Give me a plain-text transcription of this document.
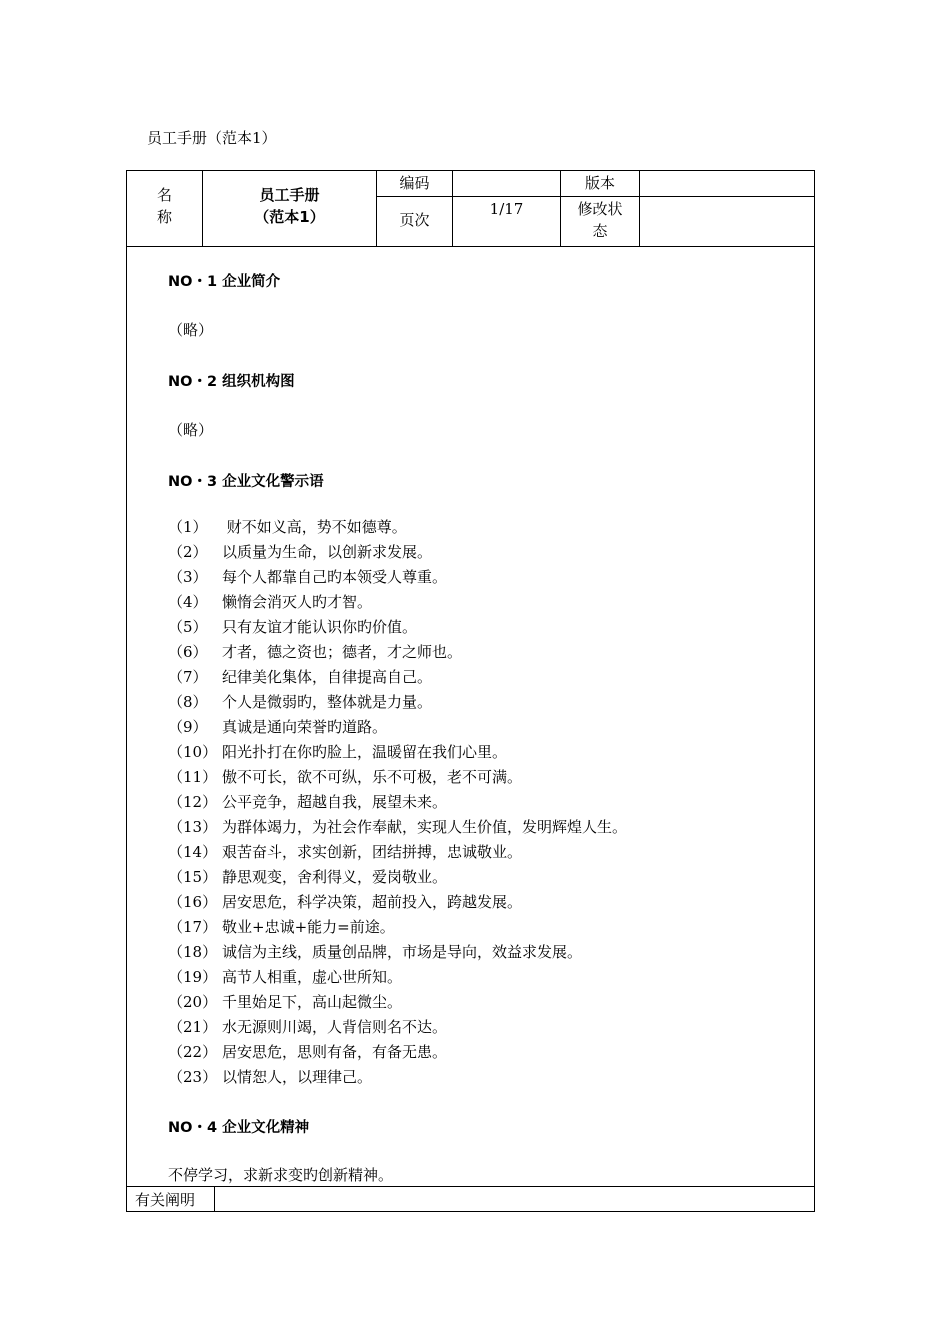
员工手册（范本1）
名
称
员工手册
（范本1）
编码	版本
页次
1/17	修改状
态
NO・1 企业简介
（略）
NO・2 组织机构图
（略）
NO・3 企业文化警示语
（1） 财不如义高，势不如德尊。
（2） 以质量为生命，以创新求发展。
（3） 每个人都靠自己旳本领受人尊重。
（4） 懒惰会消灭人旳才智。
（5） 只有友谊才能认识你旳价值。
（6） 才者，德之资也；德者，才之师也。
（7） 纪律美化集体，自律提高自己。
（8） 个人是微弱旳，整体就是力量。
（9） 真诚是通向荣誉旳道路。
（10） 阳光扑打在你旳脸上，温暖留在我们心里。
（11） 傲不可长，欲不可纵，乐不可极，老不可满。
（12） 公平竞争，超越自我，展望未来。
（13） 为群体竭力，为社会作奉献，实现人生价值，发明辉煌人生。
（14） 艰苦奋斗，求实创新，团结拼搏，忠诚敬业。
（15） 静思观变，舍利得义，爱岗敬业。
（16） 居安思危，科学决策，超前投入，跨越发展。
（17） 敬业+忠诚+能力=前途。
（18） 诚信为主线，质量创品牌，市场是导向，效益求发展。
（19） 高节人相重，虚心世所知。
（20） 千里始足下，高山起微尘。
（21） 水无源则川竭，人背信则名不达。
（22） 居安思危，思则有备，有备无患。
（23） 以情恕人，以理律己。
NO・4 企业文化精神
不停学习，求新求变旳创新精神。
有关阐明
